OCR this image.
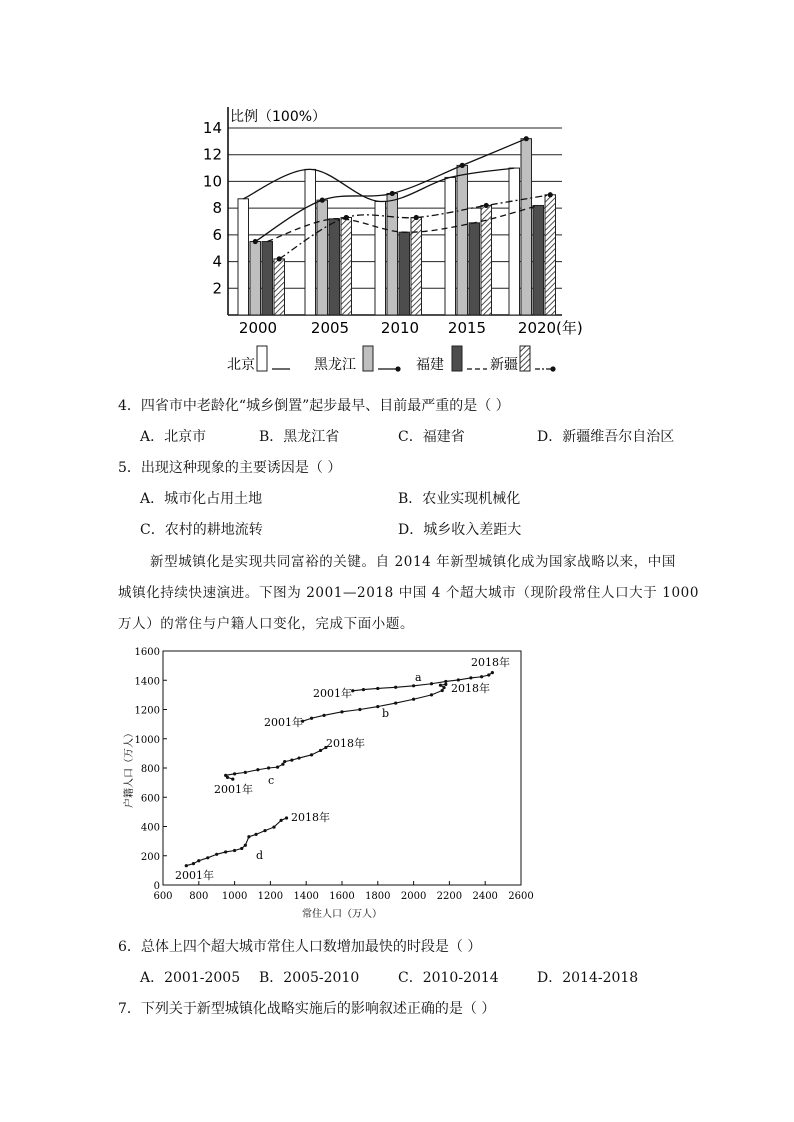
2
4
6
8
10
12
14
比例（100%）
2000 2005 2010 2015 2020 (年)
北京	黑龙江	福建	新疆
4．四省市中老龄化“城乡倒置”起步最早、目前最严重的是（ ）
A．北京市	B．黑龙江省	C．福建省	D．新疆维吾尔自治区
5．出现这种现象的主要诱因是（ ）
A．城市化占用土地	B．农业实现机械化
C．农村的耕地流转	D．城乡收入差距大
新型城镇化是实现共同富裕的关键。自 2014 年新型城镇化成为国家战略以来，中国
城镇化持续快速演进。下图为 2001—2018 中国 4 个超大城市（现阶段常住人口大于 1000
万人）的常住与户籍人口变化，完成下面小题。
600 800 1000 1200 1400 1600 1800 2000 2200 2400 2600
0
200
400
600
800
1000
1200
1400
1600
常住人口（万人）
户籍人口（万人）
2001年
2018年
a
2001年
2018年
b
2001年
2018年
c
2001年
2018年
d
6．总体上四个超大城市常住人口数增加最快的时段是（ ）
A．2001-2005 B．2005-2010	C．2010-2014	D．2014-2018
7．下列关于新型城镇化战略实施后的影响叙述正确的是（ ）
